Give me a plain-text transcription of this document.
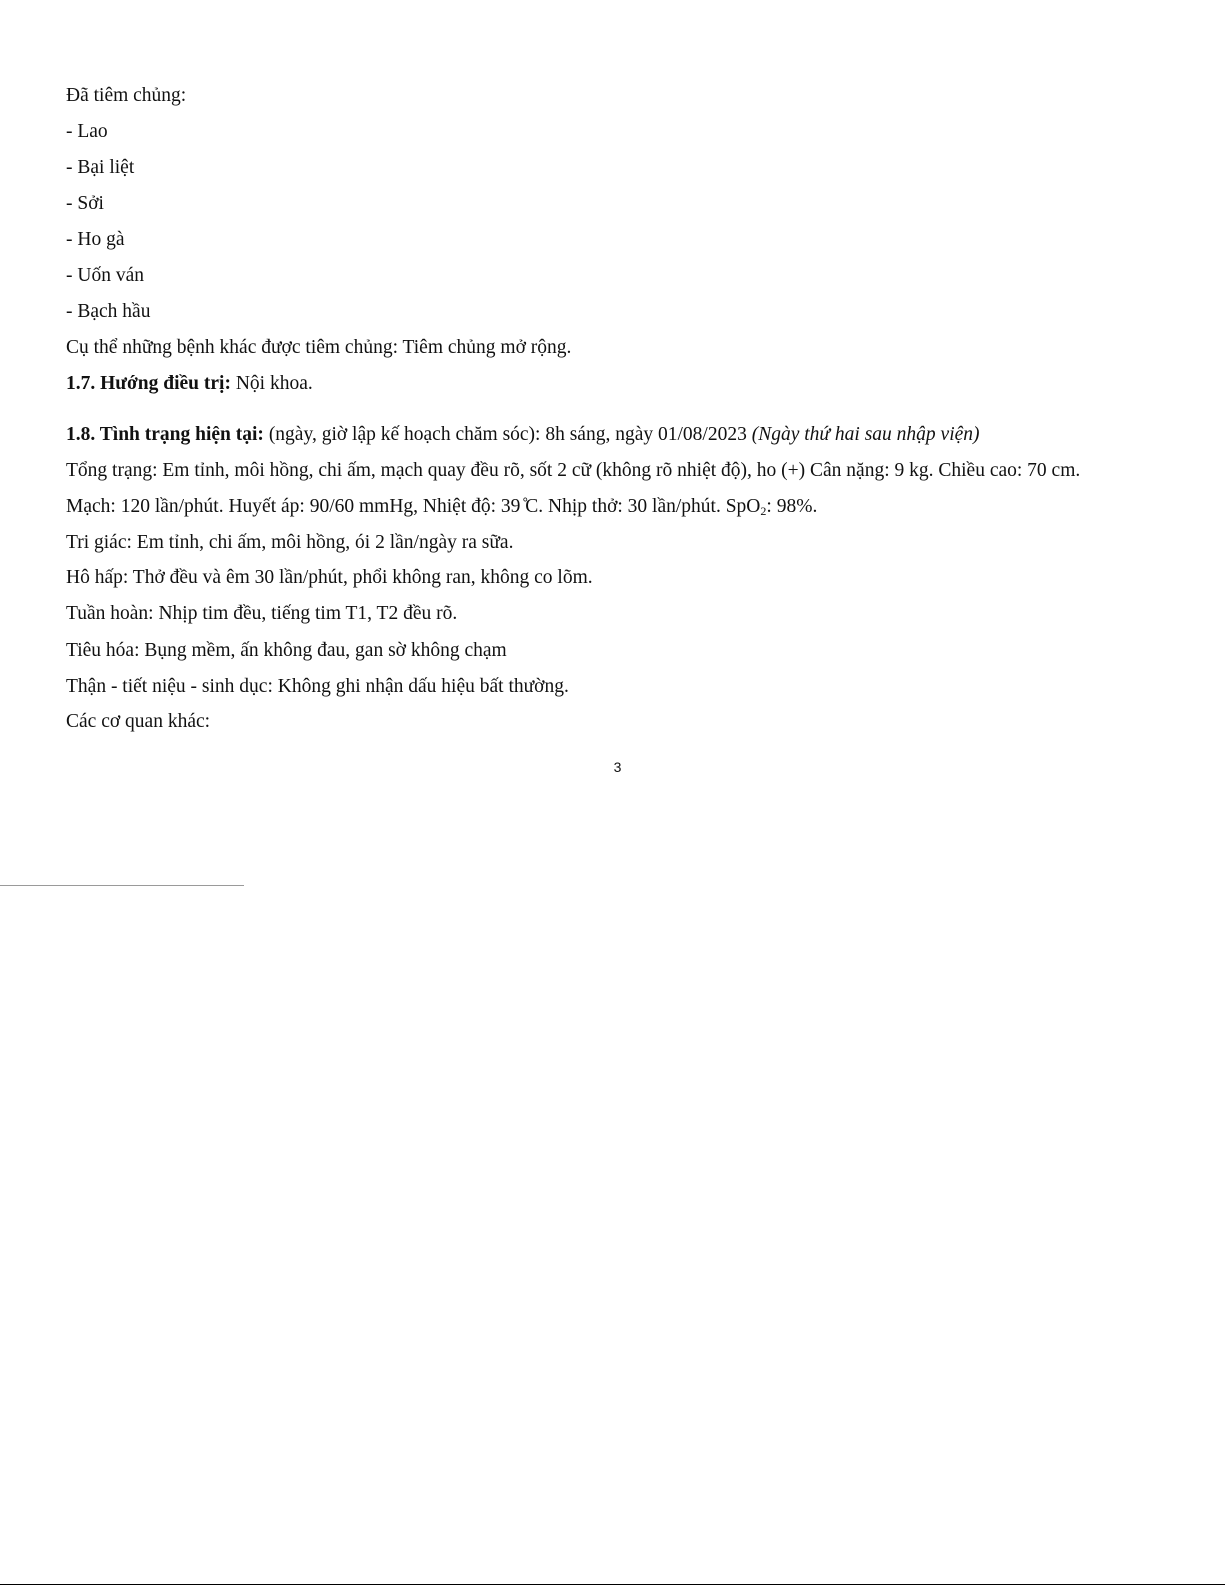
Đã tiêm chủng:
- Lao
- Bại liệt
- Sởi
- Ho gà
- Uốn ván
- Bạch hầu
Cụ thể những bệnh khác được tiêm chủng: Tiêm chủng mở rộng.
1.7. Hướng điều trị: Nội khoa.
1.8. Tình trạng hiện tại: (ngày, giờ lập kế hoạch chăm sóc): 8h sáng, ngày 01/08/2023 (Ngày thứ hai sau nhập viện)
Tổng trạng: Em tỉnh, môi hồng, chi ấm, mạch quay đều rõ, sốt 2 cữ (không rõ nhiệt độ), ho (+) Cân nặng: 9 kg. Chiều cao: 70 cm.
Mạch: 120 lần/phút. Huyết áp: 90/60 mmHg, Nhiệt độ: 39 ̊C. Nhịp thở: 30 lần/phút. SpO$_2$: 98%.
Tri giác: Em tỉnh, chi ấm, môi hồng, ói 2 lần/ngày ra sữa.
Hô hấp: Thở đều và êm 30 lần/phút, phổi không ran, không co lõm.
Tuần hoàn: Nhịp tim đều, tiếng tim T1, T2 đều rõ.
Tiêu hóa: Bụng mềm, ấn không đau, gan sờ không chạm
Thận - tiết niệu - sinh dục: Không ghi nhận dấu hiệu bất thường.
Các cơ quan khác:
3
